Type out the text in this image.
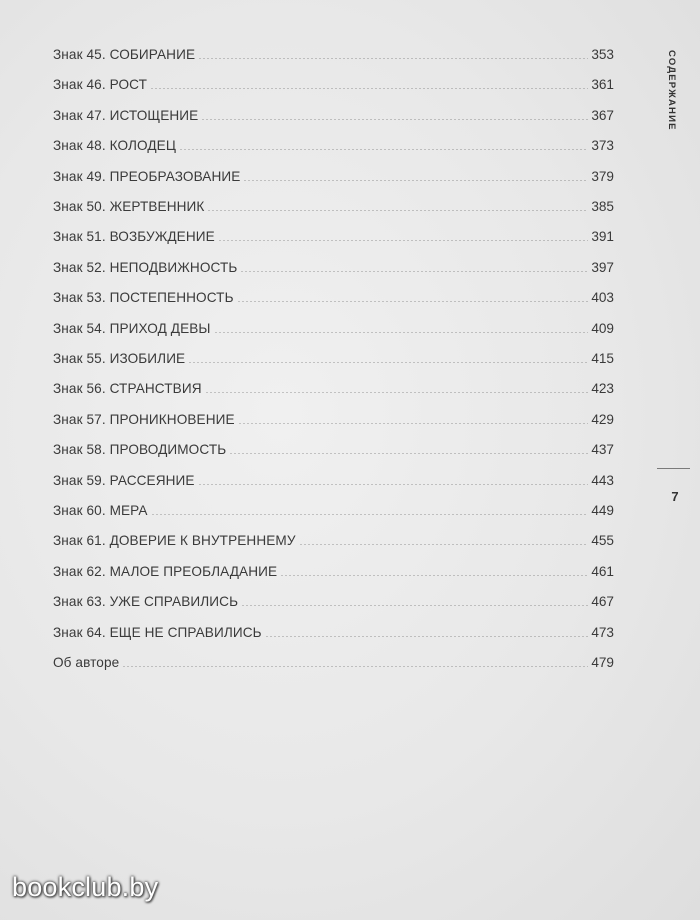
Знак 45. СОБИРАНИЕ	353
Знак 46. РОСТ	361
Знак 47. ИСТОЩЕНИЕ	367
Знак 48. КОЛОДЕЦ	373
Знак 49. ПРЕОБРАЗОВАНИЕ	379
Знак 50. ЖЕРТВЕННИК	385
Знак 51. ВОЗБУЖДЕНИЕ	391
Знак 52. НЕПОДВИЖНОСТЬ	397
Знак 53. ПОСТЕПЕННОСТЬ	403
Знак 54. ПРИХОД ДЕВЫ	409
Знак 55. ИЗОБИЛИЕ	415
Знак 56. СТРАНСТВИЯ	423
Знак 57. ПРОНИКНОВЕНИЕ	429
Знак 58. ПРОВОДИМОСТЬ	437
Знак 59. РАССЕЯНИЕ	443
Знак 60. МЕРА	449
Знак 61. ДОВЕРИЕ К ВНУТРЕННЕМУ	455
Знак 62. МАЛОЕ ПРЕОБЛАДАНИЕ	461
Знак 63. УЖЕ СПРАВИЛИСЬ	467
Знак 64. ЕЩЕ НЕ СПРАВИЛИСЬ	473
Об авторе	479
СОДЕРЖАНИЕ
7
bookclub.by
